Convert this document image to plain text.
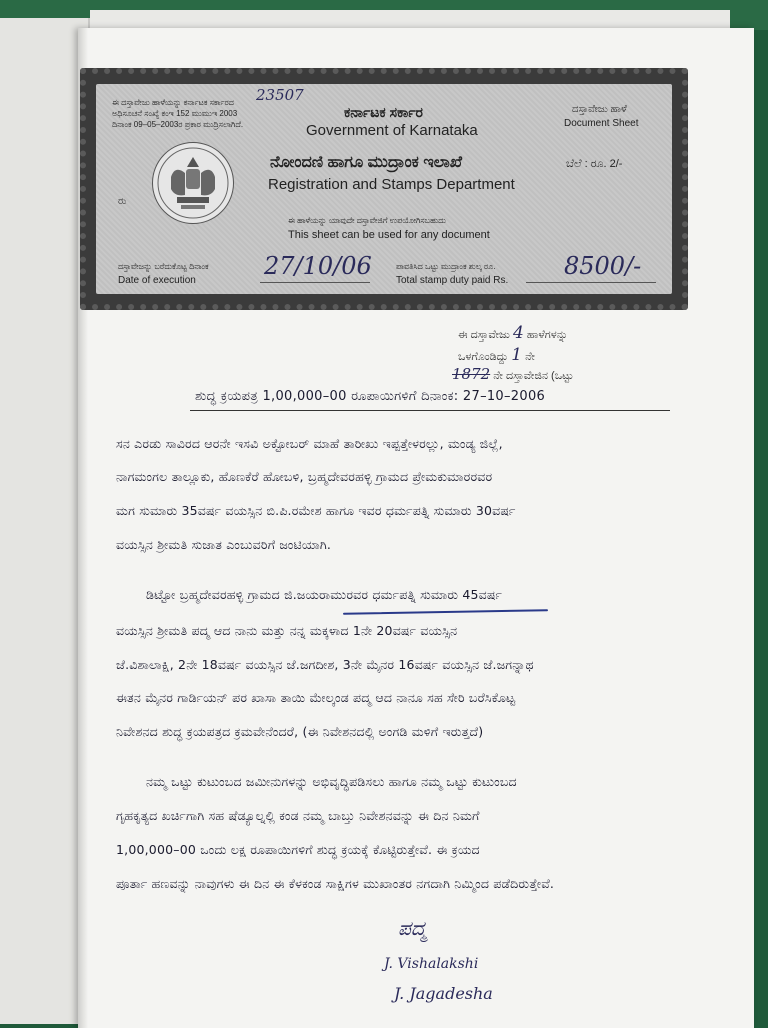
ಈ ದಸ್ತಾವೇಜು ಹಾಳೆಯನ್ನು ಕರ್ನಾಟಕ ಸರ್ಕಾರದ
ಅಧಿಸೂಚನೆ ಸಂಖ್ಯೆ ಕಂಇ 152 ಮುಮುಇ 2003
ದಿನಾಂಕ 09–05–2003ರ ಪ್ರಕಾರ ಮುದ್ರಿಸಲಾಗಿದೆ.
23507
ಕರ್ನಾಟಕ ಸರ್ಕಾರ
Government of Karnataka
ದಸ್ತಾವೇಜು ಹಾಳೆ
Document Sheet
ರು
ನೋಂದಣಿ ಹಾಗೂ ಮುದ್ರಾಂಕ ಇಲಾಖೆ
Registration and Stamps Department
ಬೆಲೆ : ರೂ. 2/-
ಈ ಹಾಳೆಯನ್ನು ಯಾವುದೇ ದಸ್ತಾವೇಜಿಗೆ ಉಪಯೋಗಿಸಬಹುದು
This sheet can be used for any document
ದಸ್ತಾವೇಜನ್ನು ಬರೆದುಕೊಟ್ಟ ದಿನಾಂಕ
Date of execution
27/10/06	ಪಾವತಿಸಿದ ಒಟ್ಟು ಮುದ್ರಾಂಕ ಶುಲ್ಕ ರೂ.
Total stamp duty paid Rs.
8500/-
ಈ ದಸ್ತಾವೇಜು 4 ಹಾಳೆಗಳನ್ನು
ಒಳಗೊಂಡಿದ್ದು 1 ನೇ
1872 ನೇ ದಸ್ತಾವೇಜಿನ (ಒಟ್ಟು
ಶುದ್ಧ ಕ್ರಯಪತ್ರ 1,00,000–00 ರೂಪಾಯಿಗಳಿಗೆ ದಿನಾಂಕ: 27–10–2006
ಸನ ಎರಡು ಸಾವಿರದ ಆರನೇ ಇಸವಿ ಅಕ್ಟೋಬರ್ ಮಾಹೆ ತಾರೀಖು ಇಪ್ಪತ್ತೇಳರಲ್ಲು, ಮಂಡ್ಯ ಜಿಲ್ಲೆ,
ನಾಗಮಂಗಲ ತಾಲ್ಲೂಕು, ಹೊಣಕೆರೆ ಹೋಬಳಿ, ಬ್ರಹ್ಮದೇವರಹಳ್ಳಿ ಗ್ರಾಮದ ಪ್ರೇಮಕುಮಾರರವರ
ಮಗ ಸುಮಾರು 35ವರ್ಷ ವಯಸ್ಸಿನ ಬಿ.ಪಿ.ರಮೇಶ ಹಾಗೂ ಇವರ ಧರ್ಮಪತ್ನಿ ಸುಮಾರು 30ವರ್ಷ
ವಯಸ್ಸಿನ ಶ್ರೀಮತಿ ಸುಜಾತ ಎಂಬುವರಿಗೆ ಜಂಟಿಯಾಗಿ.
ಡಿಟ್ಟೋ ಬ್ರಹ್ಮದೇವರಹಳ್ಳಿ ಗ್ರಾಮದ ಜಿ.ಜಯರಾಮುರವರ ಧರ್ಮಪತ್ನಿ ಸುಮಾರು 45ವರ್ಷ
ವಯಸ್ಸಿನ ಶ್ರೀಮತಿ ಪದ್ಮ ಆದ ನಾನು ಮತ್ತು ನನ್ನ ಮಕ್ಕಳಾದ 1ನೇ 20ವರ್ಷ ವಯಸ್ಸಿನ
ಜೆ.ವಿಶಾಲಾಕ್ಷಿ, 2ನೇ 18ವರ್ಷ ವಯಸ್ಸಿನ ಜೆ.ಜಗದೀಶ, 3ನೇ ಮೈನರ 16ವರ್ಷ ವಯಸ್ಸಿನ ಜೆ.ಜಗನ್ನಾಥ
ಈತನ ಮೈನರ ಗಾರ್ಡಿಯನ್ ಪರ ಖಾಸಾ ತಾಯಿ ಮೇಲ್ಕಂಡ ಪದ್ಮ ಆದ ನಾನೂ ಸಹ ಸೇರಿ ಬರೆಸಿಕೊಟ್ಟ
ನಿವೇಶನದ ಶುದ್ಧ ಕ್ರಯಪತ್ರದ ಕ್ರಮವೇನೆಂದರೆ, (ಈ ನಿವೇಶನದಲ್ಲಿ ಅಂಗಡಿ ಮಳಿಗೆ ಇರುತ್ತದೆ)
ನಮ್ಮ ಒಟ್ಟು ಕುಟುಂಬದ ಜಮೀನುಗಳನ್ನು ಅಭಿವೃದ್ಧಿಪಡಿಸಲು ಹಾಗೂ ನಮ್ಮ ಒಟ್ಟು ಕುಟುಂಬದ
ಗೃಹಕೃತ್ಯದ ಖರ್ಚಿಗಾಗಿ ಸಹ ಷೆಡ್ಯೂಲ್ನಲ್ಲಿ ಕಂಡ ನಮ್ಮ ಬಾಬ್ತು ನಿವೇಶನವನ್ನು ಈ ದಿನ ನಿಮಗೆ
1,00,000–00 ಒಂದು ಲಕ್ಷ ರೂಪಾಯಿಗಳಿಗೆ ಶುದ್ಧ ಕ್ರಯಕ್ಕೆ ಕೊಟ್ಟಿರುತ್ತೇವೆ. ಈ ಕ್ರಯದ
ಪೂರ್ತಾ ಹಣವನ್ನು ನಾವುಗಳು ಈ ದಿನ ಈ ಕೆಳಕಂಡ ಸಾಕ್ಷಿಗಳ ಮುಖಾಂತರ ನಗದಾಗಿ ನಿಮ್ಮಿಂದ ಪಡೆದಿರುತ್ತೇವೆ.
ಪದ್ಮ
J. Vishalakshi
J. Jagadesha
